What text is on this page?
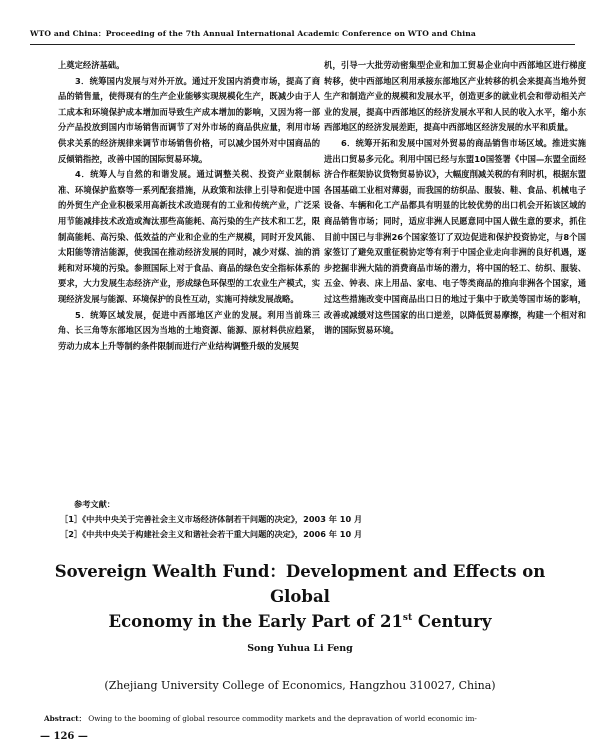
WTO and China：Proceeding of the 7th Annual International Academic Conference on WTO and China

上奠定经济基础。

3．统筹国内发展与对外开放。通过开发国内消费市场，提高了商品的销售量，使得现有的生产企业能够实现规模化生产，既减少由于人工成本和环境保护成本增加而导致生产成本增加的影响，又因为将一部分产品投放到国内市场销售而调节了对外市场的商品供应量，利用市场供求关系的经济规律来调节市场销售价格，可以减少国外对中国商品的反倾销指控，改善中国的国际贸易环境。

4．统筹人与自然的和谐发展。通过调整关税、投资产业限制标准、环境保护监察等一系列配套措施，从政策和法律上引导和促进中国的外贸生产企业积极采用高新技术改造现有的工业和传统产业，广泛采用节能减排技术改造或淘汰那些高能耗、高污染的生产技术和工艺，限制高能耗、高污染、低效益的产业和企业的生产规模，同时开发风能、太阳能等清洁能源，使我国在推动经济发展的同时，减少对煤、油的消耗和对环境的污染。参照国际上对于食品、商品的绿色安全指标体系的要求，大力发展生态经济产业，形成绿色环保型的工农业生产模式，实现经济发展与能源、环境保护的良性互动，实施可持续发展战略。

5．统筹区域发展，促进中西部地区产业的发展。利用当前珠三角、长三角等东部地区因为当地的土地资源、能源、原材料供应趋紧，劳动力成本上升等制约条件限制而进行产业结构调整升级的发展契

机，引导一大批劳动密集型企业和加工贸易企业向中西部地区进行梯度转移，使中西部地区利用承接东部地区产业转移的机会来提高当地外贸生产和制造产业的规模和发展水平，创造更多的就业机会和带动相关产业的发展，提高中西部地区的经济发展水平和人民的收入水平，缩小东西部地区的经济发展差距，提高中西部地区经济发展的水平和质量。

6．统筹开拓和发展中国对外贸易的商品销售市场区域。推进实施进出口贸易多元化。利用中国已经与东盟10国签署《中国—东盟全面经济合作框架协议货物贸易协议》，大幅度削减关税的有利时机，根据东盟各国基础工业相对薄弱，而我国的纺织品、服装、鞋、食品、机械电子设备、车辆和化工产品都具有明显的比较优势的出口机会开拓该区域的商品销售市场；同时，适应非洲人民愿意同中国人做生意的要求，抓住目前中国已与非洲26个国家签订了双边促进和保护投资协定，与8个国家签订了避免双重征税协定等有利于中国企业走向非洲的良好机遇，逐步挖掘非洲大陆的消费商品市场的潜力，将中国的轻工、纺织、服装、五金、钟表、床上用品、家电、电子等类商品的推向非洲各个国家，通过这些措施改变中国商品出口日的地过于集中于欧美等国市场的影响，改善或减缓对这些国家的出口逆差，以降低贸易摩擦，构建一个相对和谐的国际贸易环境。

参考文献：
［1］《中共中央关于完善社会主义市场经济体制若干问题的决定》，2003 年 10 月
［2］《中共中央关于构建社会主义和谐社会若干重大问题的决定》，2006 年 10 月
Sovereign Wealth Fund：Development and Effects on Global
Economy in the Early Part of 21st Century
Song Yuhua Li Feng
(Zhejiang University College of Economics, Hangzhou 310027, China)
Abstract： Owing to the booming of global resource commodity markets and the depravation of world economic im-
— 126 —
